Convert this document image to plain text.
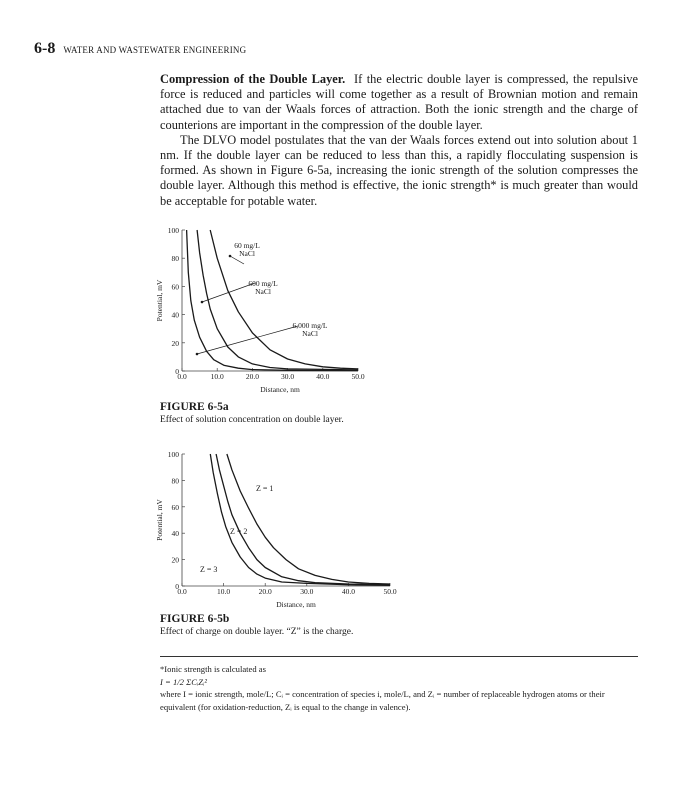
6-8 WATER AND WASTEWATER ENGINEERING

Compression of the Double Layer. If the electric double layer is compressed, the repulsive force is reduced and particles will come together as a result of Brownian motion and remain attached due to van der Waals forces of attraction. Both the ionic strength and the charge of counterions are important in the compression of the double layer.

The DLVO model postulates that the van der Waals forces extend out into solution about 1 nm. If the double layer can be reduced to less than this, a rapidly flocculating suspension is formed. As shown in Figure 6-5a, increasing the ionic strength of the solution compresses the double layer. Although this method is effective, the ionic strength* is much greater than would be acceptable for potable water.

0
20
40
60
80
100
0.0	10.0	20.0	30.0	40.0	50.0
Distance, nm
Potential, mV
60 mg/L
NaCl
600 mg/L
NaCl
6,000 mg/L
NaCl
FIGURE 6-5a
Effect of solution concentration on double layer.
0
20
40
60
80
100
0.0	10.0	20.0	30.0	40.0	50.0
Distance, nm
Potential, mV
Z = 1
Z = 2
Z = 3
FIGURE 6-5b
Effect of charge on double layer. “Z” is the charge.

*Ionic strength is calculated as

I = 1/2 ΣCᵢZᵢ²

where I = ionic strength, mole/L; Cᵢ = concentration of species i, mole/L, and Zᵢ = number of replaceable hydrogen atoms or their equivalent (for oxidation-reduction, Zᵢ is equal to the change in valence).
